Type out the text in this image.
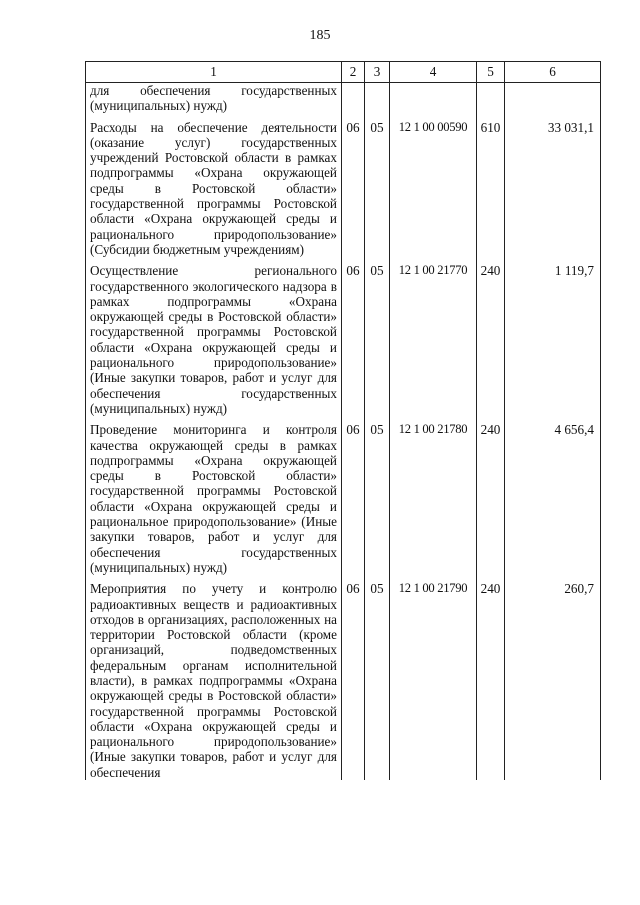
185
1	2	3	4	5	6
для обеспечения государственных (муниципальных) нужд)					
Расходы на обеспечение деятельности (оказание услуг) государственных учреждений Ростовской области в рамках подпрограммы «Охрана окружающей среды в Ростовской области» государственной программы Ростовской области «Охрана окружающей среды и рационального природопользование» (Субсидии бюджетным учреждениям)	06	05	12 1 00 00590	610	33 031,1
Осуществление регионального государственного экологического надзора в рамках подпрограммы «Охрана окружающей среды в Ростовской области» государственной программы Ростовской области «Охрана окружающей среды и рационального природопользование» (Иные закупки товаров, работ и услуг для обеспечения государственных (муниципальных) нужд)	06	05	12 1 00 21770	240	1 119,7
Проведение мониторинга и контроля качества окружающей среды в рамках подпрограммы «Охрана окружающей среды в Ростовской области» государственной программы Ростовской области «Охрана окружающей среды и рациональное природопользование» (Иные закупки товаров, работ и услуг для обеспечения государственных (муниципальных) нужд)	06	05	12 1 00 21780	240	4 656,4
Мероприятия по учету и контролю радиоактивных веществ и радиоактивных отходов в организациях, расположенных на территории Ростовской области (кроме организаций, подведомственных федеральным органам исполнительной власти), в рамках подпрограммы «Охрана окружающей среды в Ростовской области» государственной программы Ростовской области «Охрана окружающей среды и рационального природопользование» (Иные закупки товаров, работ и услуг для обеспечения	06	05	12 1 00 21790	240	260,7
